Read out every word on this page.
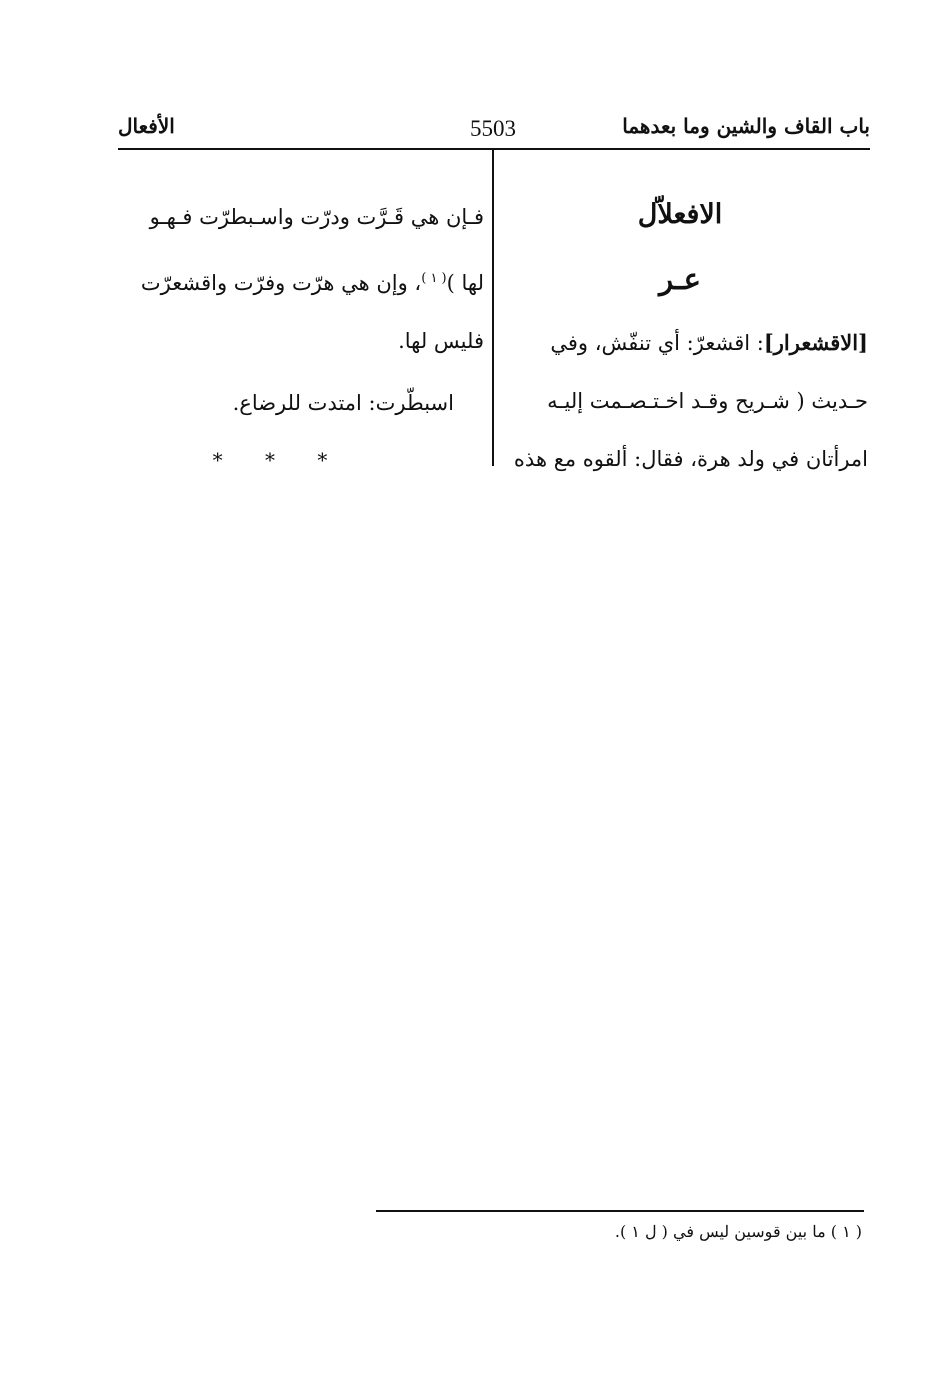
باب القاف والشين وما بعدهما
5503
الأفعال
الافعلاّل
عـر
[الاقشعرار]: اقشعرّ: أي تنفّش، وفي
حـديث ( شـريح وقـد اخـتـصـمت إليـه
امرأتان في ولد هرة، فقال: ألقوه مع هذه
فـإن هي قَـرَّت ودرّت واسـبطرّت فـهـو
لها )$^{( ١ )}$، وإن هي هرّت وفرّت واقشعرّت
فليس لها.
اسبطّرت: امتدت للرضاع.
* * *
( ١ ) ما بين قوسين ليس في ( ل ١ ).
